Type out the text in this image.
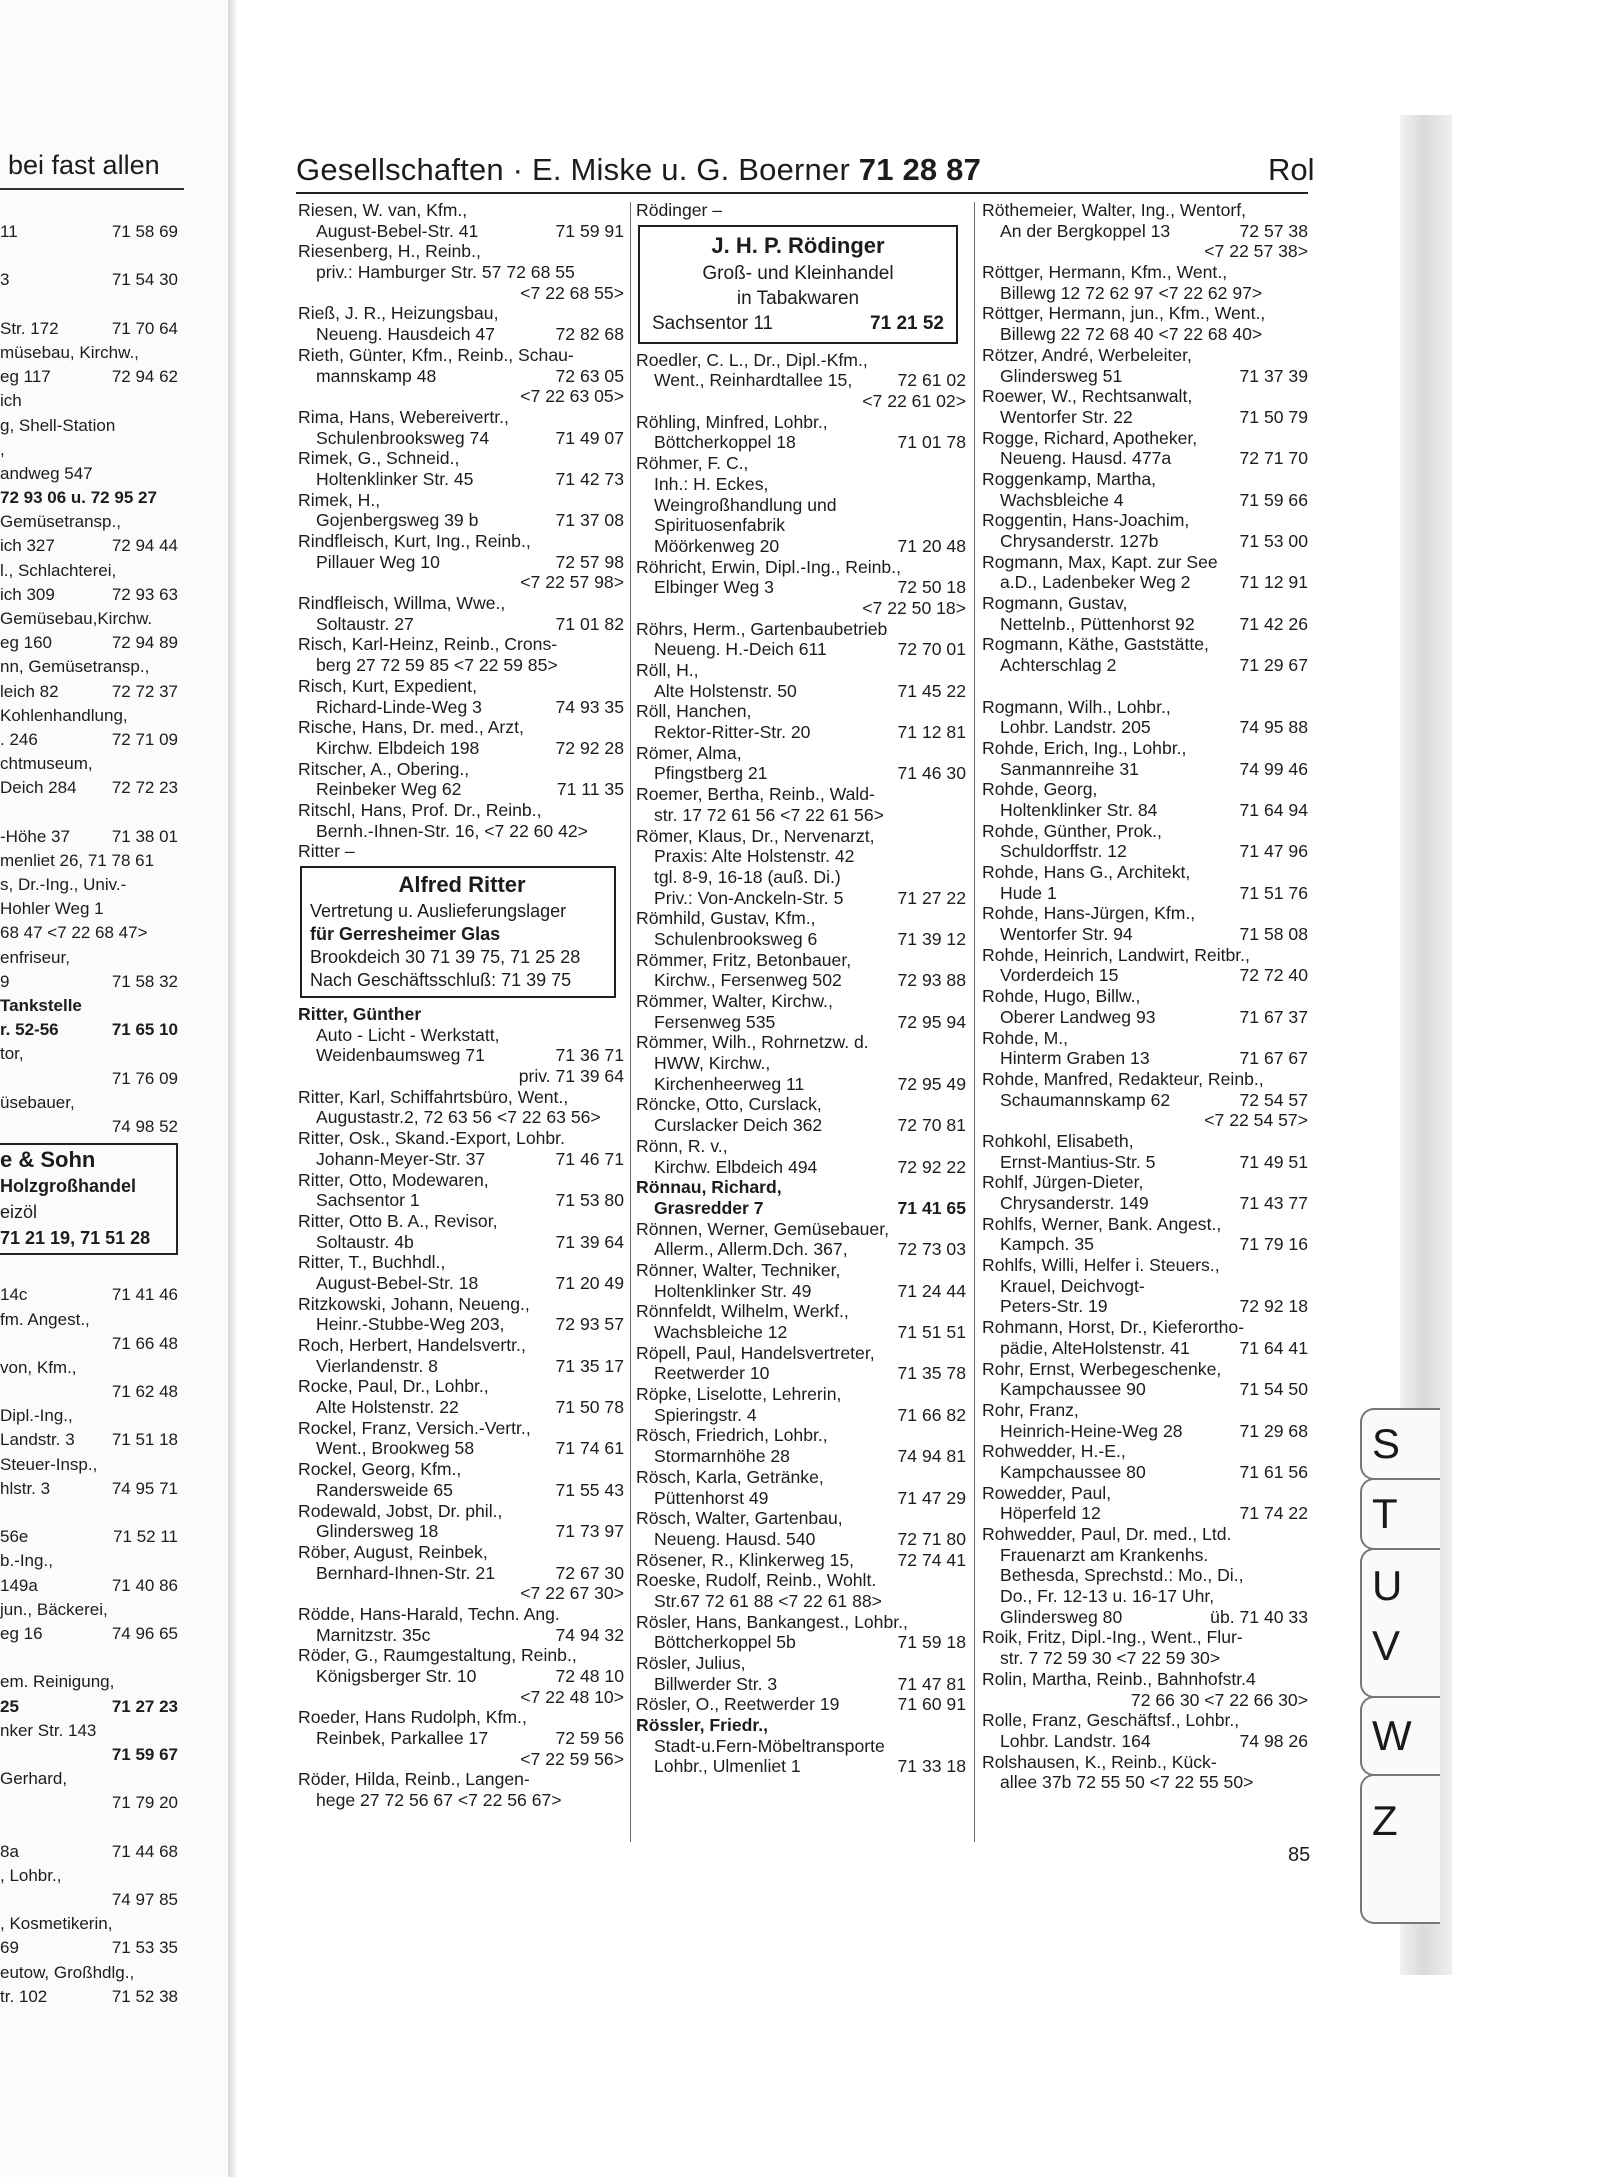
bei fast allen
11	71 58 69
3	71 54 30
Str. 172	71 70 64
müsebau, Kirchw.,
eg 117	72 94 62
ich
g, Shell-Station
,
andweg 547
72 93 06 u. 72 95 27
Gemüsetransp.,
ich 327	72 94 44
l., Schlachterei,
ich 309	72 93 63
Gemüsebau,Kirchw.
eg 160	72 94 89
nn, Gemüsetransp.,
leich 82	72 72 37
Kohlenhandlung,
. 246	72 71 09
chtmuseum,
Deich 284 72 72 23
-Höhe 37 71 38 01
menliet 26, 71 78 61
s, Dr.-Ing., Univ.-
Hohler Weg 1
68 47 <7 22 68 47>
enfriseur,
9	71 58 32
Tankstelle
r. 52-56	71 65 10
tor,
71 76 09
üsebauer,
74 98 52
e & Sohn
Holzgroßhandel
eizöl
71 21 19, 71 51 28
14c	71 41 46
fm. Angest.,
71 66 48
von, Kfm.,
71 62 48
Dipl.-Ing.,
Landstr. 3 71 51 18
Steuer-Insp.,
hlstr. 3	74 95 71
56e	71 52 11
b.-Ing.,
149a	71 40 86
jun., Bäckerei,
eg 16	74 96 65
em. Reinigung,
25	71 27 23
nker Str. 143
71 59 67
Gerhard,
71 79 20
8a	71 44 68
, Lohbr.,
74 97 85
, Kosmetikerin,
69	71 53 35
eutow, Großhdlg.,
tr. 102	71 52 38
Gesellschaften · E. Miske u. G. Boerner 71 28 87	Rol
Riesen, W. van, Kfm.,
August-Bebel-Str. 41	71 59 91
Riesenberg, H., Reinb.,
priv.: Hamburger Str. 57 72 68 55
<7 22 68 55>
Rieß, J. R., Heizungsbau,
Neueng. Hausdeich 47	72 82 68
Rieth, Günter, Kfm., Reinb., Schau-
mannskamp 48	72 63 05
<7 22 63 05>
Rima, Hans, Webereivertr.,
Schulenbrooksweg 74	71 49 07
Rimek, G., Schneid.,
Holtenklinker Str. 45	71 42 73
Rimek, H.,
Gojenbergsweg 39 b	71 37 08
Rindfleisch, Kurt, Ing., Reinb.,
Pillauer Weg 10	72 57 98
<7 22 57 98>
Rindfleisch, Willma, Wwe.,
Soltaustr. 27	71 01 82
Risch, Karl-Heinz, Reinb., Crons-
berg 27 72 59 85 <7 22 59 85>
Risch, Kurt, Expedient,
Richard-Linde-Weg 3	74 93 35
Rische, Hans, Dr. med., Arzt,
Kirchw. Elbdeich 198	72 92 28
Ritscher, A., Obering.,
Reinbeker Weg 62	71 11 35
Ritschl, Hans, Prof. Dr., Reinb.,
Bernh.-Ihnen-Str. 16, <7 22 60 42>
Ritter –
Alfred Ritter
Vertretung u. Auslieferungslager
für Gerresheimer Glas
Brookdeich 30 71 39 75, 71 25 28
Nach Geschäftsschluß: 71 39 75
Ritter, Günther
Auto - Licht - Werkstatt,
Weidenbaumsweg 71	71 36 71
priv. 71 39 64
Ritter, Karl, Schiffahrtsbüro, Went.,
Augustastr.2, 72 63 56 <7 22 63 56>
Ritter, Osk., Skand.-Export, Lohbr.
Johann-Meyer-Str. 37	71 46 71
Ritter, Otto, Modewaren,
Sachsentor 1	71 53 80
Ritter, Otto B. A., Revisor,
Soltaustr. 4b	71 39 64
Ritter, T., Buchhdl.,
August-Bebel-Str. 18	71 20 49
Ritzkowski, Johann, Neueng.,
Heinr.-Stubbe-Weg 203,	72 93 57
Roch, Herbert, Handelsvertr.,
Vierlandenstr. 8	71 35 17
Rocke, Paul, Dr., Lohbr.,
Alte Holstenstr. 22	71 50 78
Rockel, Franz, Versich.-Vertr.,
Went., Brookweg 58	71 74 61
Rockel, Georg, Kfm.,
Randersweide 65	71 55 43
Rodewald, Jobst, Dr. phil.,
Glindersweg 18	71 73 97
Röber, August, Reinbek,
Bernhard-Ihnen-Str. 21	72 67 30
<7 22 67 30>
Rödde, Hans-Harald, Techn. Ang.
Marnitzstr. 35c	74 94 32
Röder, G., Raumgestaltung, Reinb.,
Königsberger Str. 10	72 48 10
<7 22 48 10>
Roeder, Hans Rudolph, Kfm.,
Reinbek, Parkallee 17	72 59 56
<7 22 59 56>
Röder, Hilda, Reinb., Langen-
hege 27 72 56 67 <7 22 56 67>
Rödinger –
J. H. P. Rödinger
Groß- und Kleinhandel
in Tabakwaren
Sachsentor 11	71 21 52
Roedler, C. L., Dr., Dipl.-Kfm.,
Went., Reinhardtallee 15,	72 61 02
<7 22 61 02>
Röhling, Minfred, Lohbr.,
Böttcherkoppel 18	71 01 78
Röhmer, F. C.,
Inh.: H. Eckes,
Weingroßhandlung und
Spirituosenfabrik
Möörkenweg 20	71 20 48
Röhricht, Erwin, Dipl.-Ing., Reinb.,
Elbinger Weg 3	72 50 18
<7 22 50 18>
Röhrs, Herm., Gartenbaubetrieb
Neueng. H.-Deich 611	72 70 01
Röll, H.,
Alte Holstenstr. 50	71 45 22
Röll, Hanchen,
Rektor-Ritter-Str. 20	71 12 81
Römer, Alma,
Pfingstberg 21	71 46 30
Roemer, Bertha, Reinb., Wald-
str. 17 72 61 56 <7 22 61 56>
Römer, Klaus, Dr., Nervenarzt,
Praxis: Alte Holstenstr. 42
tgl. 8-9, 16-18 (auß. Di.)
Priv.: Von-Anckeln-Str. 5	71 27 22
Römhild, Gustav, Kfm.,
Schulenbrooksweg 6	71 39 12
Römmer, Fritz, Betonbauer,
Kirchw., Fersenweg 502	72 93 88
Römmer, Walter, Kirchw.,
Fersenweg 535	72 95 94
Römmer, Wilh., Rohrnetzw. d.
HWW, Kirchw.,
Kirchenheerweg 11	72 95 49
Röncke, Otto, Curslack,
Curslacker Deich 362	72 70 81
Rönn, R. v.,
Kirchw. Elbdeich 494	72 92 22
Rönnau, Richard,
Grasredder 7	71 41 65
Rönnen, Werner, Gemüsebauer,
Allerm., Allerm.Dch. 367,	72 73 03
Rönner, Walter, Techniker,
Holtenklinker Str. 49	71 24 44
Rönnfeldt, Wilhelm, Werkf.,
Wachsbleiche 12	71 51 51
Röpell, Paul, Handelsvertreter,
Reetwerder 10	71 35 78
Röpke, Liselotte, Lehrerin,
Spieringstr. 4	71 66 82
Rösch, Friedrich, Lohbr.,
Stormarnhöhe 28	74 94 81
Rösch, Karla, Getränke,
Püttenhorst 49	71 47 29
Rösch, Walter, Gartenbau,
Neueng. Hausd. 540	72 71 80
Rösener, R., Klinkerweg 15, 72 74 41
Roeske, Rudolf, Reinb., Wohlt.
Str.67 72 61 88 <7 22 61 88>
Rösler, Hans, Bankangest., Lohbr.,
Böttcherkoppel 5b	71 59 18
Rösler, Julius,
Billwerder Str. 3	71 47 81
Rösler, O., Reetwerder 19	71 60 91
Rössler, Friedr.,
Stadt-u.Fern-Möbeltransporte
Lohbr., Ulmenliet 1	71 33 18
Röthemeier, Walter, Ing., Wentorf,
An der Bergkoppel 13	72 57 38
<7 22 57 38>
Röttger, Hermann, Kfm., Went.,
Billewg 12 72 62 97 <7 22 62 97>
Röttger, Hermann, jun., Kfm., Went.,
Billewg 22 72 68 40 <7 22 68 40>
Rötzer, André, Werbeleiter,
Glindersweg 51	71 37 39
Roewer, W., Rechtsanwalt,
Wentorfer Str. 22	71 50 79
Rogge, Richard, Apotheker,
Neueng. Hausd. 477a	72 71 70
Roggenkamp, Martha,
Wachsbleiche 4	71 59 66
Roggentin, Hans-Joachim,
Chrysanderstr. 127b	71 53 00
Rogmann, Max, Kapt. zur See
a.D., Ladenbeker Weg 2	71 12 91
Rogmann, Gustav,
Nettelnb., Püttenhorst 92	71 42 26
Rogmann, Käthe, Gaststätte,
Achterschlag 2	71 29 67
Rogmann, Wilh., Lohbr.,
Lohbr. Landstr. 205	74 95 88
Rohde, Erich, Ing., Lohbr.,
Sanmannreihe 31	74 99 46
Rohde, Georg,
Holtenklinker Str. 84	71 64 94
Rohde, Günther, Prok.,
Schuldorffstr. 12	71 47 96
Rohde, Hans G., Architekt,
Hude 1	71 51 76
Rohde, Hans-Jürgen, Kfm.,
Wentorfer Str. 94	71 58 08
Rohde, Heinrich, Landwirt, Reitbr.,
Vorderdeich 15	72 72 40
Rohde, Hugo, Billw.,
Oberer Landweg 93	71 67 37
Rohde, M.,
Hinterm Graben 13	71 67 67
Rohde, Manfred, Redakteur, Reinb.,
Schaumannskamp 62	72 54 57
<7 22 54 57>
Rohkohl, Elisabeth,
Ernst-Mantius-Str. 5	71 49 51
Rohlf, Jürgen-Dieter,
Chrysanderstr. 149	71 43 77
Rohlfs, Werner, Bank. Angest.,
Kampch. 35	71 79 16
Rohlfs, Willi, Helfer i. Steuers.,
Krauel, Deichvogt-
Peters-Str. 19	72 92 18
Rohmann, Horst, Dr., Kieferortho-
pädie, AlteHolstenstr. 41	71 64 41
Rohr, Ernst, Werbegeschenke,
Kampchaussee 90	71 54 50
Rohr, Franz,
Heinrich-Heine-Weg 28	71 29 68
Rohwedder, H.-E.,
Kampchaussee 80	71 61 56
Rowedder, Paul,
Höperfeld 12	71 74 22
Rohwedder, Paul, Dr. med., Ltd.
Frauenarzt am Krankenhs.
Bethesda, Sprechstd.: Mo., Di.,
Do., Fr. 12-13 u. 16-17 Uhr,
Glindersweg 80	üb. 71 40 33
Roik, Fritz, Dipl.-Ing., Went., Flur-
str. 7 72 59 30 <7 22 59 30>
Rolin, Martha, Reinb., Bahnhofstr.4
72 66 30 <7 22 66 30>
Rolle, Franz, Geschäftsf., Lohbr.,
Lohbr. Landstr. 164	74 98 26
Rolshausen, K., Reinb., Kück-
allee 37b 72 55 50 <7 22 55 50>
85
S
T
U
V
W
Z
